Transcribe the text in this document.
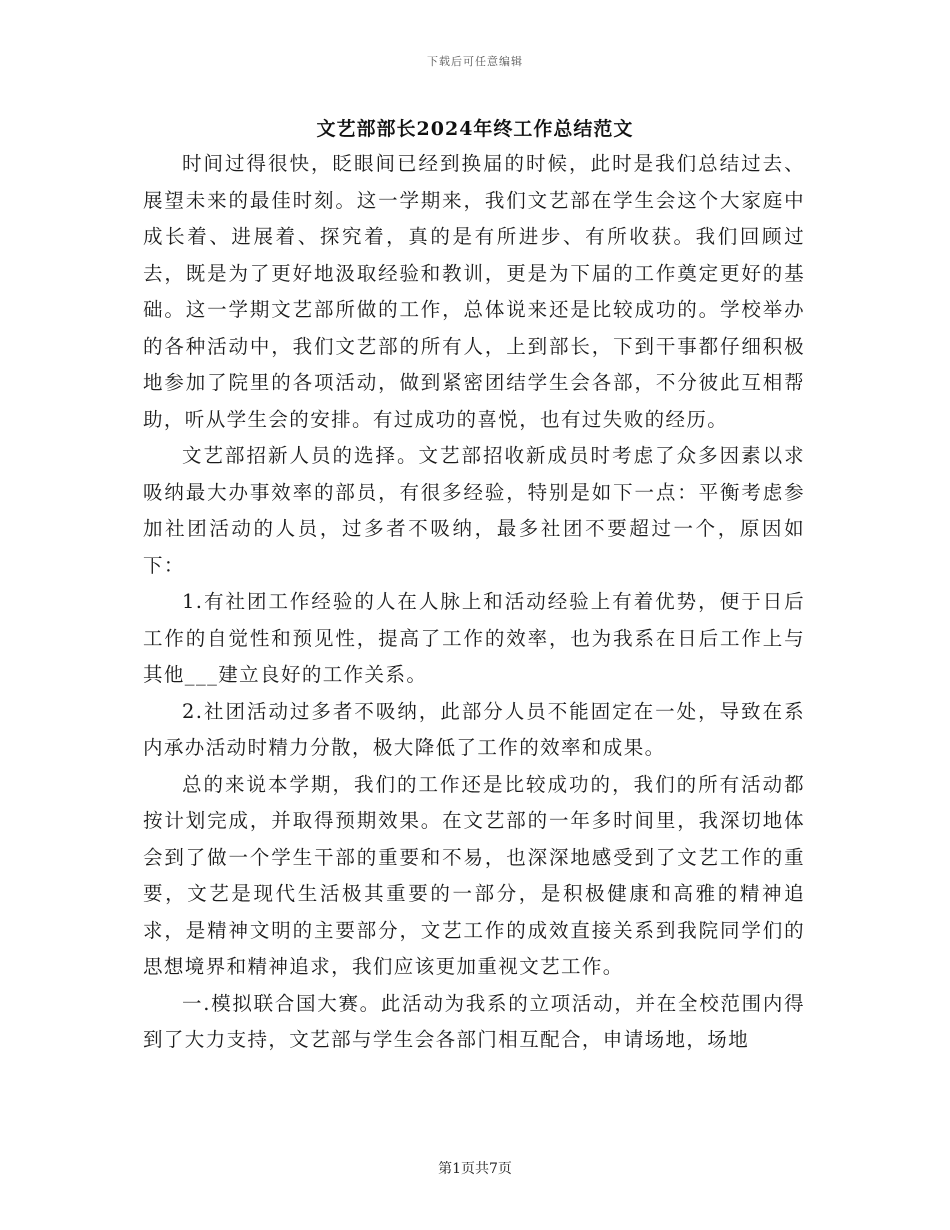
下载后可任意编辑
文艺部部长2024年终工作总结范文

时间过得很快，眨眼间已经到换届的时候，此时是我们总结过去、展望未来的最佳时刻。这一学期来，我们文艺部在学生会这个大家庭中成长着、进展着、探究着，真的是有所进步、有所收获。我们回顾过去，既是为了更好地汲取经验和教训，更是为下届的工作奠定更好的基础。这一学期文艺部所做的工作，总体说来还是比较成功的。学校举办的各种活动中，我们文艺部的所有人，上到部长，下到干事都仔细积极地参加了院里的各项活动，做到紧密团结学生会各部，不分彼此互相帮助，听从学生会的安排。有过成功的喜悦，也有过失败的经历。

文艺部招新人员的选择。文艺部招收新成员时考虑了众多因素以求吸纳最大办事效率的部员，有很多经验，特别是如下一点：平衡考虑参加社团活动的人员，过多者不吸纳，最多社团不要超过一个，原因如下：

1.有社团工作经验的人在人脉上和活动经验上有着优势，便于日后工作的自觉性和预见性，提高了工作的效率，也为我系在日后工作上与其他___建立良好的工作关系。

2.社团活动过多者不吸纳，此部分人员不能固定在一处，导致在系内承办活动时精力分散，极大降低了工作的效率和成果。

总的来说本学期，我们的工作还是比较成功的，我们的所有活动都按计划完成，并取得预期效果。在文艺部的一年多时间里，我深切地体会到了做一个学生干部的重要和不易，也深深地感受到了文艺工作的重要，文艺是现代生活极其重要的一部分，是积极健康和高雅的精神追求，是精神文明的主要部分，文艺工作的成效直接关系到我院同学们的思想境界和精神追求，我们应该更加重视文艺工作。

一.模拟联合国大赛。此活动为我系的立项活动，并在全校范围内得到了大力支持，文艺部与学生会各部门相互配合，申请场地，场地

第1页共7页
